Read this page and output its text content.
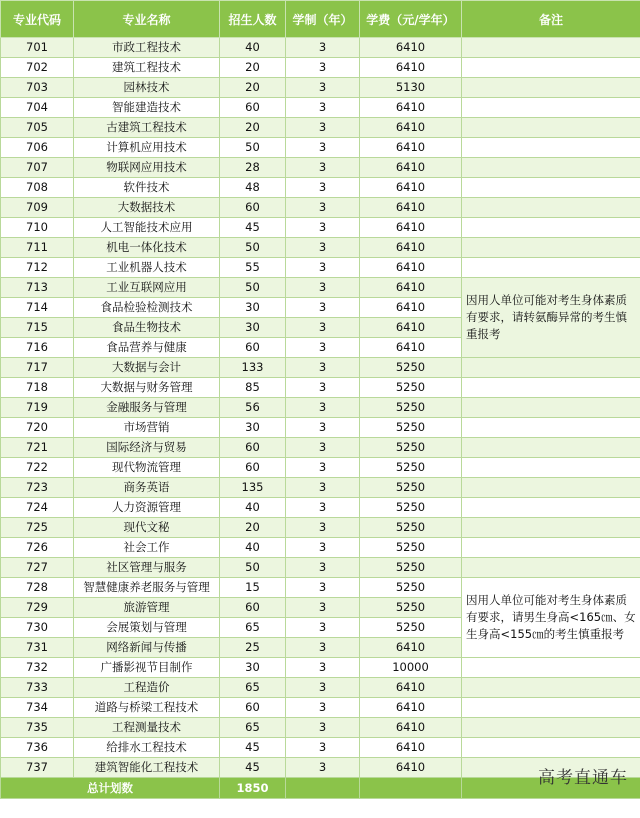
专业代码	专业名称	招生人数	学制（年）	学费（元/学年）	备注
701	市政工程技术	40	3	6410	
702	建筑工程技术	20	3	6410	
703	园林技术	20	3	5130	
704	智能建造技术	60	3	6410	
705	古建筑工程技术	20	3	6410	
706	计算机应用技术	50	3	6410	
707	物联网应用技术	28	3	6410	
708	软件技术	48	3	6410	
709	大数据技术	60	3	6410	
710	人工智能技术应用	45	3	6410	
711	机电一体化技术	50	3	6410	
712	工业机器人技术	55	3	6410	
713	工业互联网应用	50	3	6410	因用人单位可能对考生身体素质有要求，请转氨酶异常的考生慎重报考
714	食品检验检测技术	30	3	6410	
715	食品生物技术	30	3	6410	
716	食品营养与健康	60	3	6410	
717	大数据与会计	133	3	5250	
718	大数据与财务管理	85	3	5250	
719	金融服务与管理	56	3	5250	
720	市场营销	30	3	5250	
721	国际经济与贸易	60	3	5250	
722	现代物流管理	60	3	5250	
723	商务英语	135	3	5250	
724	人力资源管理	40	3	5250	
725	现代文秘	20	3	5250	
726	社会工作	40	3	5250	
727	社区管理与服务	50	3	5250	
728	智慧健康养老服务与管理	15	3	5250	因用人单位可能对考生身体素质有要求，请男生身高<165㎝、女生身高<155㎝的考生慎重报考
729	旅游管理	60	3	5250	
730	会展策划与管理	65	3	5250	
731	网络新闻与传播	25	3	6410	
732	广播影视节目制作	30	3	10000	
733	工程造价	65	3	6410	
734	道路与桥梁工程技术	60	3	6410	
735	工程测量技术	65	3	6410	
736	给排水工程技术	45	3	6410	
737	建筑智能化工程技术	45	3	6410	
总计划数		1850				高考直通车
